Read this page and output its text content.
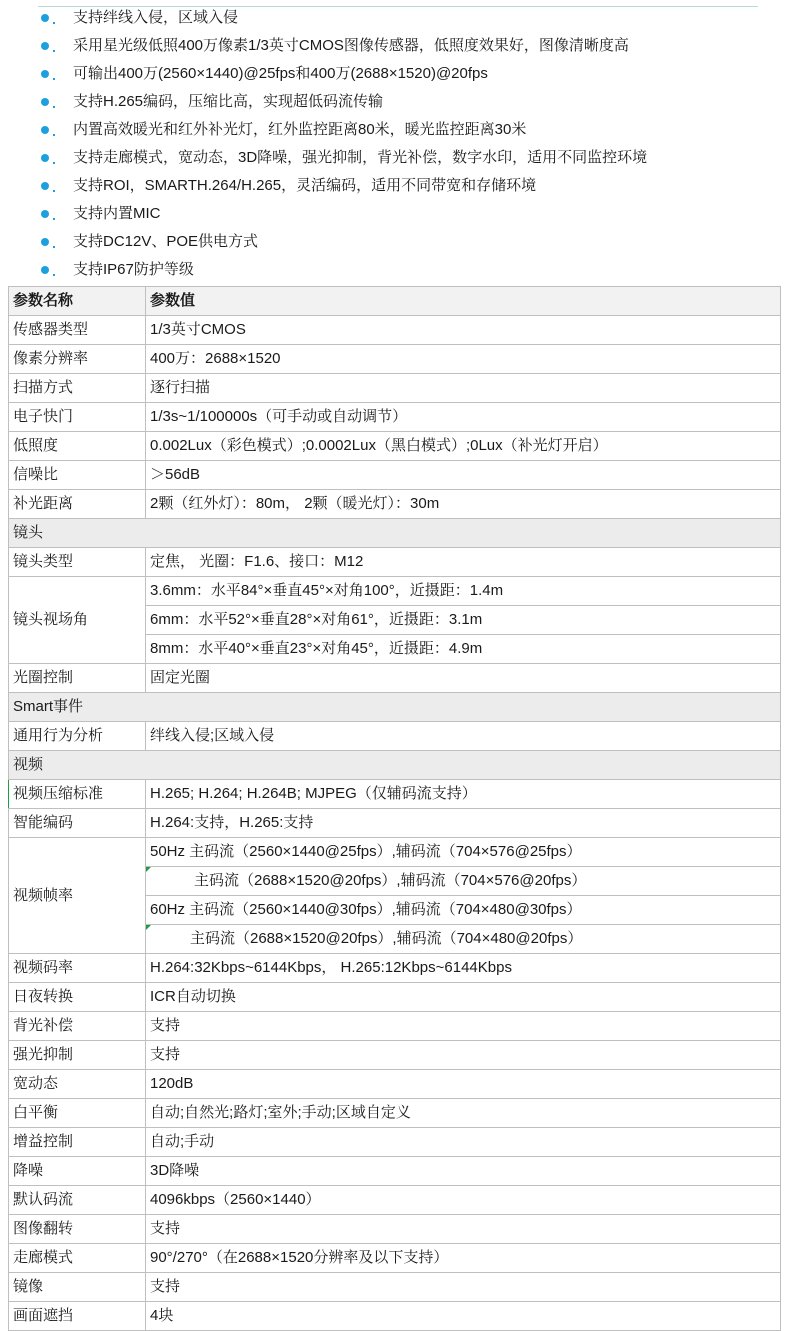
支持绊线入侵，区域入侵
采用星光级低照400万像素1/3英寸CMOS图像传感器，低照度效果好，图像清晰度高
可输出400万(2560×1440)@25fps和400万(2688×1520)@20fps
支持H.265编码，压缩比高，实现超低码流传输
内置高效暖光和红外补光灯，红外监控距离80米，暖光监控距离30米
支持走廊模式，宽动态，3D降噪，强光抑制，背光补偿，数字水印，适用不同监控环境
支持ROI，SMARTH.264/H.265，灵活编码，适用不同带宽和存储环境
支持内置MIC
支持DC12V、POE供电方式
支持IP67防护等级
参数名称	参数值
传感器类型	1/3英寸CMOS
像素分辨率	400万：2688×1520
扫描方式	逐行扫描
电子快门	1/3s~1/100000s（可手动或自动调节）
低照度	0.002Lux（彩色模式）;0.0002Lux（黑白模式）;0Lux（补光灯开启）
信噪比	＞56dB
补光距离	2颗（红外灯）：80m， 2颗（暖光灯）：30m
镜头	
镜头类型	定焦， 光圈：F1.6、接口：M12
镜头视场角	3.6mm：水平84°×垂直45°×对角100°，近摄距：1.4m
	6mm：水平52°×垂直28°×对角61°，近摄距：3.1m
	8mm：水平40°×垂直23°×对角45°，近摄距：4.9m
光圈控制	固定光圈
Smart事件	
通用行为分析	绊线入侵;区域入侵
视频	
视频压缩标准	H.265; H.264; H.264B; MJPEG（仅辅码流支持）
智能编码	H.264:支持，H.265:支持
视频帧率	50Hz 主码流（2560×1440@25fps）,辅码流（704×576@25fps）
	主码流（2688×1520@20fps）,辅码流（704×576@20fps）
	60Hz 主码流（2560×1440@30fps）,辅码流（704×480@30fps）
	主码流（2688×1520@20fps）,辅码流（704×480@20fps）
视频码率	H.264:32Kbps~6144Kbps， H.265:12Kbps~6144Kbps
日夜转换	ICR自动切换
背光补偿	支持
强光抑制	支持
宽动态	120dB
白平衡	自动;自然光;路灯;室外;手动;区域自定义
增益控制	自动;手动
降噪	3D降噪
默认码流	4096kbps（2560×1440）
图像翻转	支持
走廊模式	90°/270°（在2688×1520分辨率及以下支持）
镜像	支持
画面遮挡	4块
